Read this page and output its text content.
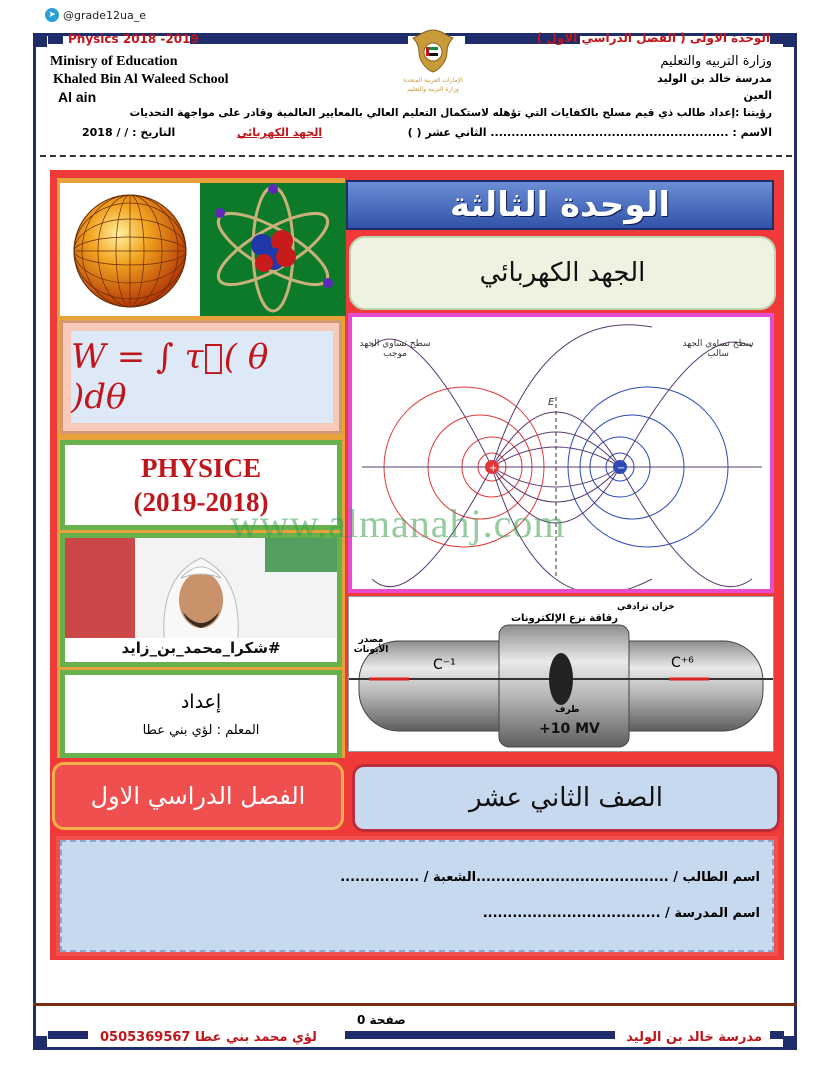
➤ @grade12ua_e
Physics 2018 -2019	الوحدة الاولى ( الفصل الدراسي الاول )
Minisry of Education
Khaled Bin Al Waleed School
Al ain
وزارة التربيه والتعليم
مدرسة خالد بن الوليد
العين
الإمارات العربية المتحدة
وزارة التربية والتعليم
رؤيتنا :إعداد طالب ذي قيم مسلح بالكفايات التي تؤهله لاستكمال التعليم العالي بالمعايير العالمية وقادر على مواجهة التحديات
الاسم : ......................................................... الثاني عشر ( )
الجهد الكهربائي
التاريخ : / / 2018
الوحدة الثالثة
الجهد الكهربائي
+	−
سطح تساوي الجهد موجب
سطح تساوي الجهد سالب
E
خزان ترادفي
رقاقة نزع الإلكترونات
مصدر الأيونات
C⁻¹	C⁺⁶
طرف
+10 MV
W = ∫ τ⃗( θ )dθ
PHYSICE
(2019-2018)
#شكرا_محمد_بن_زايد
إعداد
المعلم : لؤي بني عطا
الفصل الدراسي الاول	الصف الثاني عشر
اسم الطالب / .......................................الشعبة / ................
اسم المدرسة / ....................................
www.almanahj.com
صفحة 0
مدرسة خالد بن الوليد
لؤي محمد بني عطا 0505369567
